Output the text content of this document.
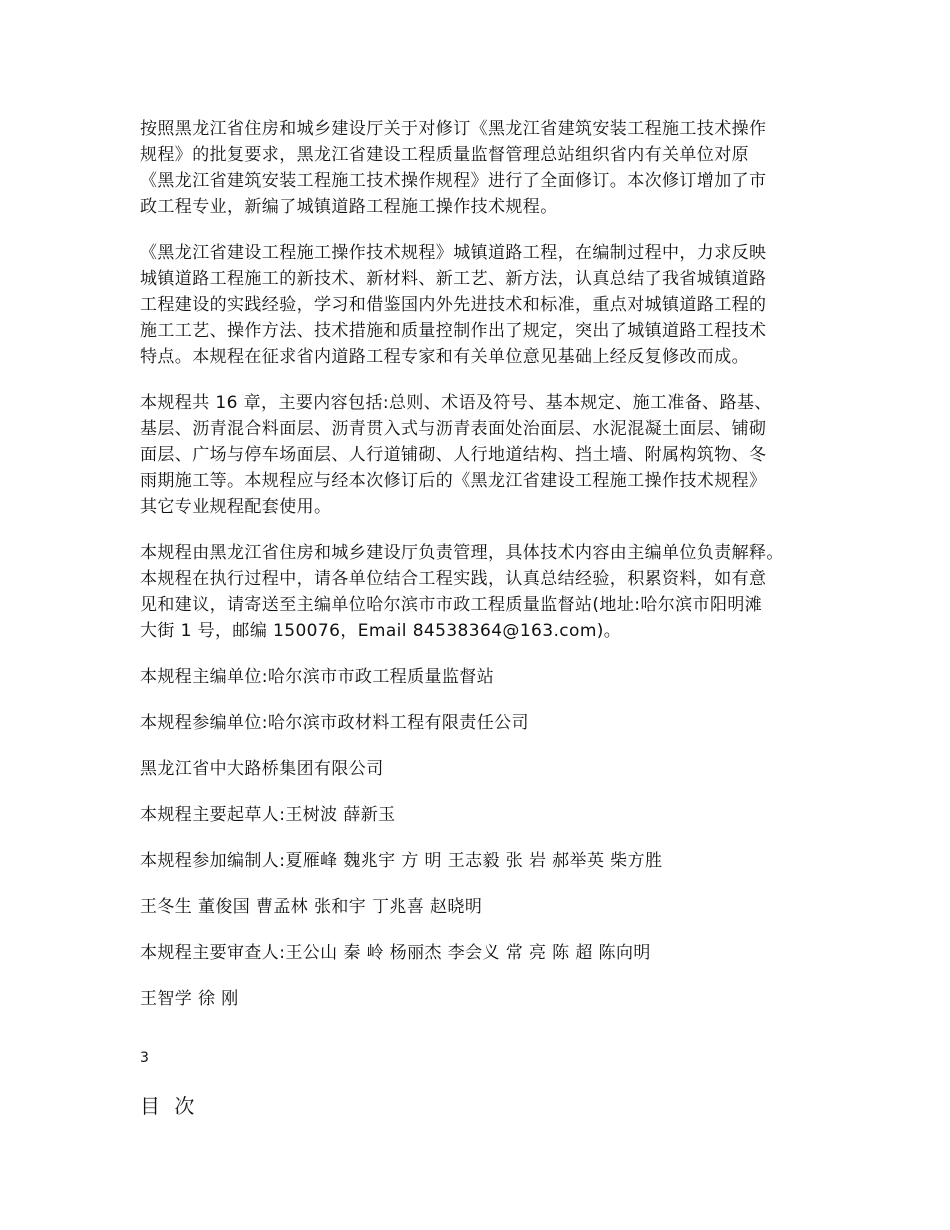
按照黑龙江省住房和城乡建设厅关于对修订《黑龙江省建筑安装工程施工技术操作

规程》的批复要求，黑龙江省建设工程质量监督管理总站组织省内有关单位对原

《黑龙江省建筑安装工程施工技术操作规程》进行了全面修订。本次修订增加了市

政工程专业，新编了城镇道路工程施工操作技术规程。

《黑龙江省建设工程施工操作技术规程》城镇道路工程，在编制过程中，力求反映

城镇道路工程施工的新技术、新材料、新工艺、新方法，认真总结了我省城镇道路

工程建设的实践经验，学习和借鉴国内外先进技术和标准，重点对城镇道路工程的

施工工艺、操作方法、技术措施和质量控制作出了规定，突出了城镇道路工程技术

特点。本规程在征求省内道路工程专家和有关单位意见基础上经反复修改而成。

本规程共 16 章，主要内容包括:总则、术语及符号、基本规定、施工准备、路基、

基层、沥青混合料面层、沥青贯入式与沥青表面处治面层、水泥混凝土面层、铺砌

面层、广场与停车场面层、人行道铺砌、人行地道结构、挡土墙、附属构筑物、冬

雨期施工等。本规程应与经本次修订后的《黑龙江省建设工程施工操作技术规程》

其它专业规程配套使用。

本规程由黑龙江省住房和城乡建设厅负责管理，具体技术内容由主编单位负责解释。

本规程在执行过程中，请各单位结合工程实践，认真总结经验，积累资料，如有意

见和建议，请寄送至主编单位哈尔滨市市政工程质量监督站(地址:哈尔滨市阳明滩

大街 1 号，邮编 150076，Email 84538364@163.com)。

本规程主编单位:哈尔滨市市政工程质量监督站

本规程参编单位:哈尔滨市政材料工程有限责任公司

黑龙江省中大路桥集团有限公司

本规程主要起草人:王树波 薛新玉

本规程参加编制人:夏雁峰 魏兆宇 方 明 王志毅 张 岩 郝举英 柴方胜

王冬生 董俊国 曹孟林 张和宇 丁兆喜 赵晓明

本规程主要审查人:王公山 秦 岭 杨丽杰 李会义 常 亮 陈 超 陈向明

王智学 徐 刚

3
目 次
